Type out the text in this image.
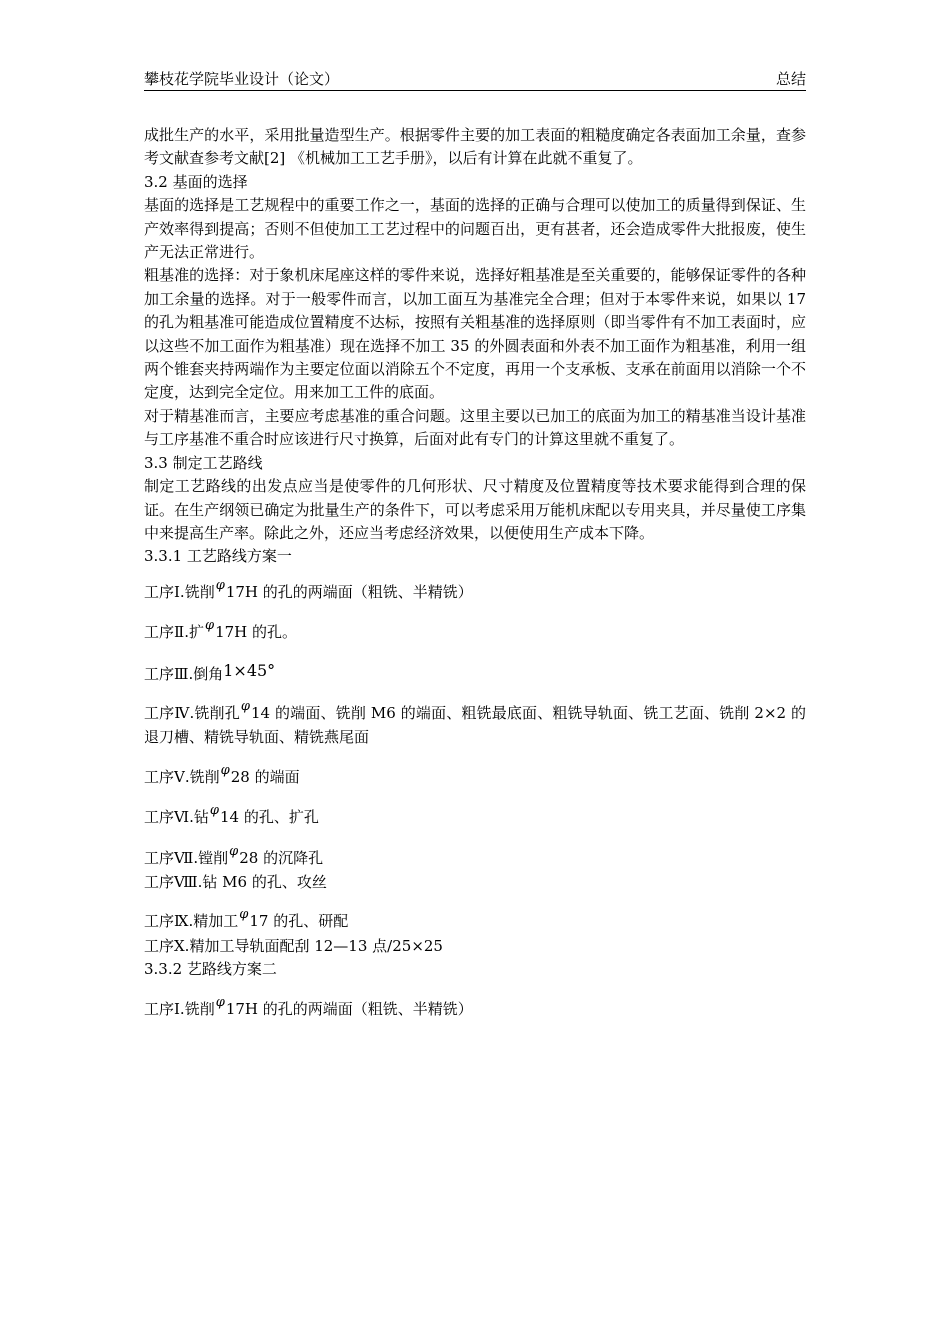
攀枝花学院毕业设计（论文）	总结

成批生产的水平，采用批量造型生产。根据零件主要的加工表面的粗糙度确定各表面加工余量，查参考文献查参考文献[2] 《机械加工工艺手册》，以后有计算在此就不重复了。

3.2 基面的选择

基面的选择是工艺规程中的重要工作之一，基面的选择的正确与合理可以使加工的质量得到保证、生产效率得到提高；否则不但使加工工艺过程中的问题百出，更有甚者，还会造成零件大批报废，使生产无法正常进行。

粗基准的选择：对于象机床尾座这样的零件来说，选择好粗基准是至关重要的，能够保证零件的各种加工余量的选择。对于一般零件而言，以加工面互为基准完全合理；但对于本零件来说，如果以 17 的孔为粗基准可能造成位置精度不达标，按照有关粗基准的选择原则（即当零件有不加工表面时，应以这些不加工面作为粗基准）现在选择不加工 35 的外圆表面和外表不加工面作为粗基准，利用一组两个锥套夹持两端作为主要定位面以消除五个不定度，再用一个支承板、支承在前面用以消除一个不定度，达到完全定位。用来加工工件的底面。

对于精基准而言，主要应考虑基准的重合问题。这里主要以已加工的底面为加工的精基准当设计基准与工序基准不重合时应该进行尺寸换算，后面对此有专门的计算这里就不重复了。

3.3 制定工艺路线

制定工艺路线的出发点应当是使零件的几何形状、尺寸精度及位置精度等技术要求能得到合理的保证。在生产纲领已确定为批量生产的条件下，可以考虑采用万能机床配以专用夹具，并尽量使工序集中来提高生产率。除此之外，还应当考虑经济效果，以便使用生产成本下降。

3.3.1 工艺路线方案一

工序Ⅰ.铣削φ17H 的孔的两端面（粗铣、半精铣）

工序Ⅱ.扩φ17H 的孔。

工序Ⅲ.倒角1×45°

工序Ⅳ.铣削孔φ14 的端面、铣削 M6 的端面、粗铣最底面、粗铣导轨面、铣工艺面、铣削 2×2 的退刀槽、精铣导轨面、精铣燕尾面

工序Ⅴ.铣削φ28 的端面

工序Ⅵ.钻φ14 的孔、扩孔

工序Ⅶ.镗削φ28 的沉降孔

工序Ⅷ.钻 M6 的孔、攻丝

工序Ⅸ.精加工φ17 的孔、研配

工序Ⅹ.精加工导轨面配刮 12—13 点/25×25

3.3.2 艺路线方案二

工序Ⅰ.铣削φ17H 的孔的两端面（粗铣、半精铣）
